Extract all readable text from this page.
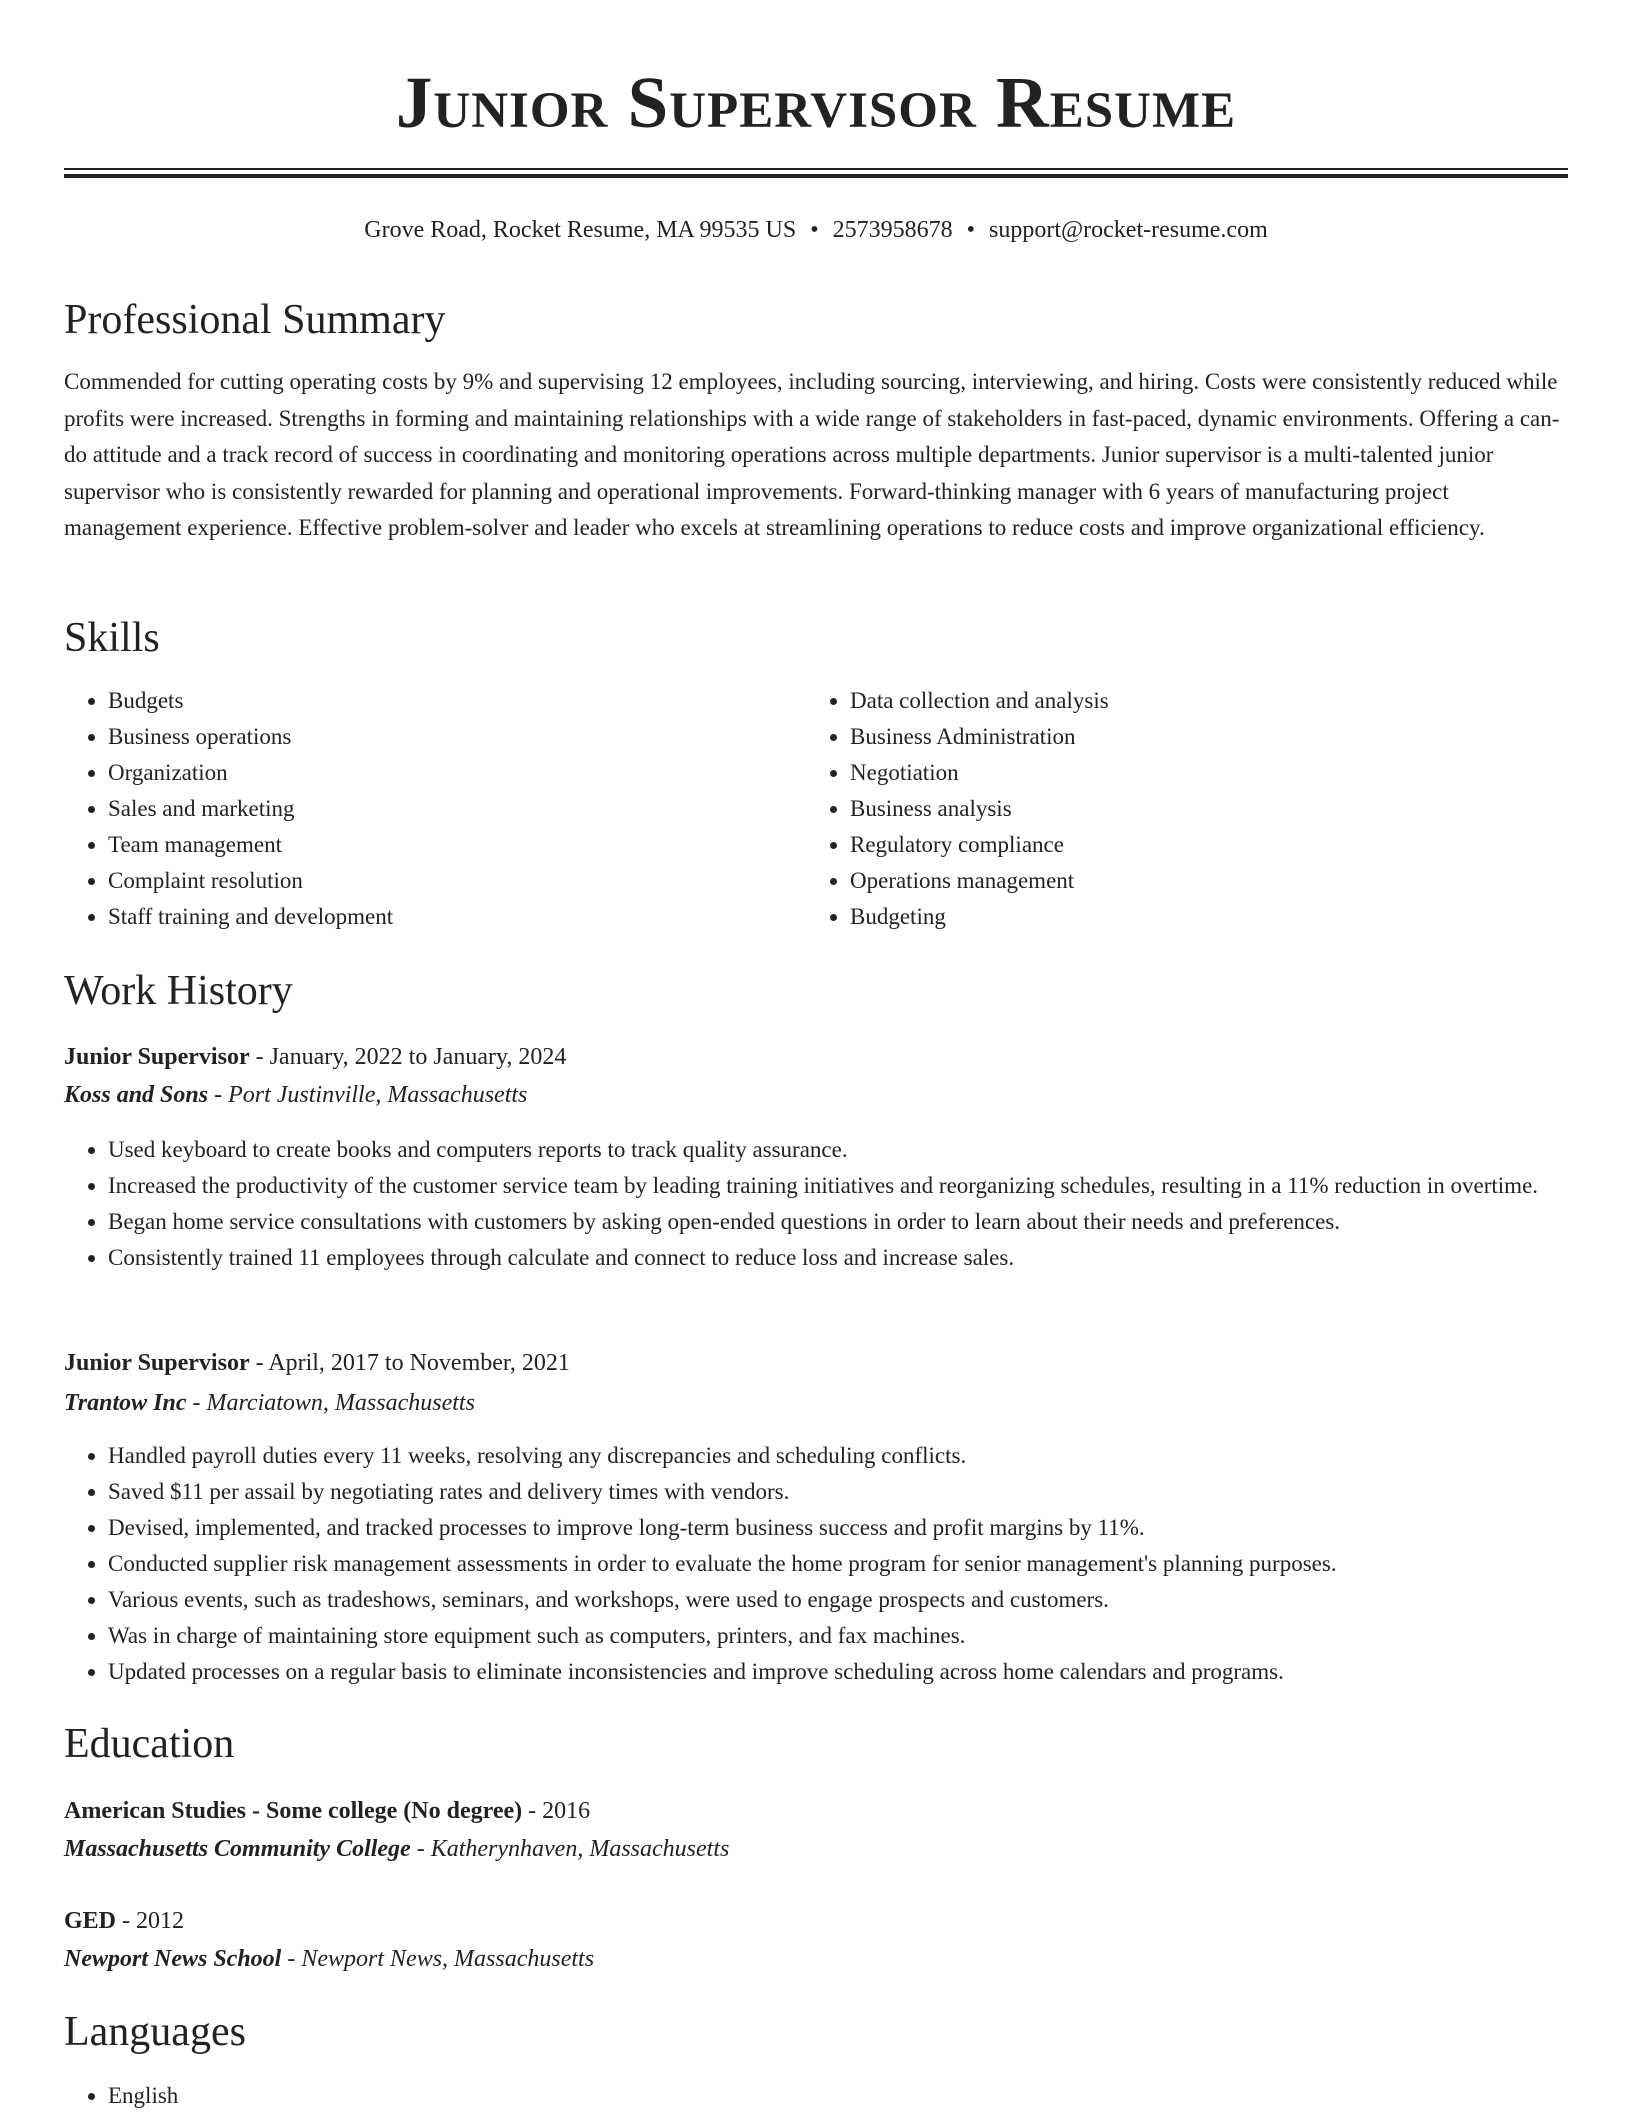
Junior Supervisor Resume
Grove Road, Rocket Resume, MA 99535 US • 2573958678 • support@rocket-resume.com
Professional Summary

Commended for cutting operating costs by 9% and supervising 12 employees, including sourcing, interviewing, and hiring. Costs were consistently reduced while profits were increased. Strengths in forming and maintaining relationships with a wide range of stakeholders in fast-paced, dynamic environments. Offering a can-do attitude and a track record of success in coordinating and monitoring operations across multiple departments. Junior supervisor is a multi-talented junior supervisor who is consistently rewarded for planning and operational improvements. Forward-thinking manager with 6 years of manufacturing project management experience. Effective problem-solver and leader who excels at streamlining operations to reduce costs and improve organizational efficiency.

Skills
• Budgets
• Business operations
• Organization
• Sales and marketing
• Team management
• Complaint resolution
• Staff training and development
• Data collection and analysis
• Business Administration
• Negotiation
• Business analysis
• Regulatory compliance
• Operations management
• Budgeting
Work History
Junior Supervisor - January, 2022 to January, 2024
Koss and Sons - Port Justinville, Massachusetts
• Used keyboard to create books and computers reports to track quality assurance.
• Increased the productivity of the customer service team by leading training initiatives and reorganizing schedules, resulting in a 11% reduction in overtime.
• Began home service consultations with customers by asking open-ended questions in order to learn about their needs and preferences.
• Consistently trained 11 employees through calculate and connect to reduce loss and increase sales.
Junior Supervisor - April, 2017 to November, 2021
Trantow Inc - Marciatown, Massachusetts
• Handled payroll duties every 11 weeks, resolving any discrepancies and scheduling conflicts.
• Saved $11 per assail by negotiating rates and delivery times with vendors.
• Devised, implemented, and tracked processes to improve long-term business success and profit margins by 11%.
• Conducted supplier risk management assessments in order to evaluate the home program for senior management's planning purposes.
• Various events, such as tradeshows, seminars, and workshops, were used to engage prospects and customers.
• Was in charge of maintaining store equipment such as computers, printers, and fax machines.
• Updated processes on a regular basis to eliminate inconsistencies and improve scheduling across home calendars and programs.
Education
American Studies - Some college (No degree) - 2016
Massachusetts Community College - Katherynhaven, Massachusetts
GED - 2012
Newport News School - Newport News, Massachusetts
Languages
• English
